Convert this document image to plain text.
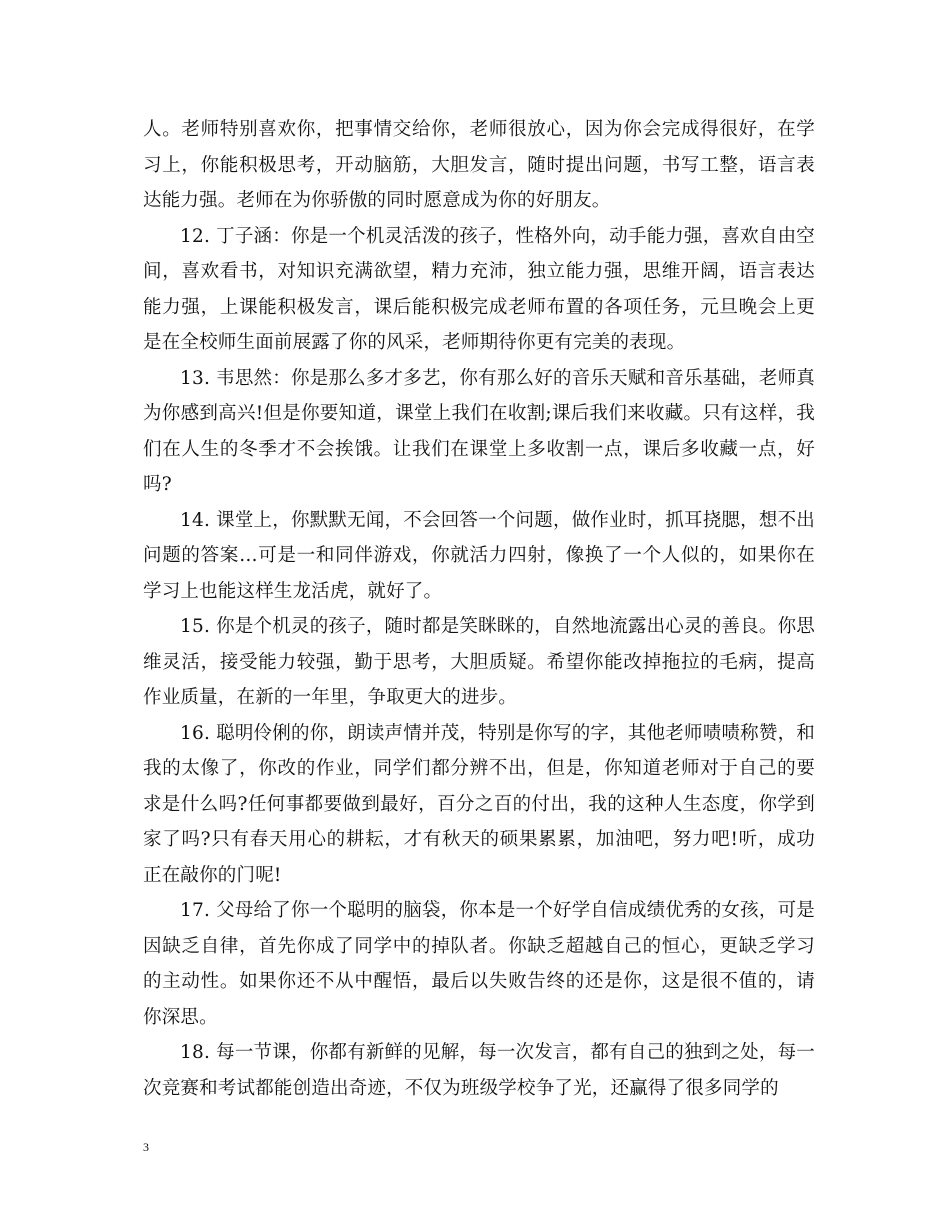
人。老师特别喜欢你，把事情交给你，老师很放心，因为你会完成得很好，在学习上，你能积极思考，开动脑筋，大胆发言，随时提出问题，书写工整，语言表达能力强。老师在为你骄傲的同时愿意成为你的好朋友。

12. 丁子涵：你是一个机灵活泼的孩子，性格外向，动手能力强，喜欢自由空间，喜欢看书，对知识充满欲望，精力充沛，独立能力强，思维开阔，语言表达能力强，上课能积极发言，课后能积极完成老师布置的各项任务，元旦晚会上更是在全校师生面前展露了你的风采，老师期待你更有完美的表现。

13. 韦思然：你是那么多才多艺，你有那么好的音乐天赋和音乐基础，老师真为你感到高兴!但是你要知道，课堂上我们在收割;课后我们来收藏。只有这样，我们在人生的冬季才不会挨饿。让我们在课堂上多收割一点，课后多收藏一点，好吗?

14. 课堂上，你默默无闻，不会回答一个问题，做作业时，抓耳挠腮，想不出问题的答案…可是一和同伴游戏，你就活力四射，像换了一个人似的，如果你在学习上也能这样生龙活虎，就好了。

15. 你是个机灵的孩子，随时都是笑眯眯的，自然地流露出心灵的善良。你思维灵活，接受能力较强，勤于思考，大胆质疑。希望你能改掉拖拉的毛病，提高作业质量，在新的一年里，争取更大的进步。

16. 聪明伶俐的你，朗读声情并茂，特别是你写的字，其他老师啧啧称赞，和我的太像了，你改的作业，同学们都分辨不出，但是，你知道老师对于自己的要求是什么吗?任何事都要做到最好，百分之百的付出，我的这种人生态度，你学到家了吗?只有春天用心的耕耘，才有秋天的硕果累累，加油吧，努力吧!听，成功正在敲你的门呢!

17. 父母给了你一个聪明的脑袋，你本是一个好学自信成绩优秀的女孩，可是因缺乏自律，首先你成了同学中的掉队者。你缺乏超越自己的恒心，更缺乏学习的主动性。如果你还不从中醒悟，最后以失败告终的还是你，这是很不值的，请你深思。

18. 每一节课，你都有新鲜的见解，每一次发言，都有自己的独到之处，每一次竞赛和考试都能创造出奇迹，不仅为班级学校争了光，还赢得了很多同学的

3
